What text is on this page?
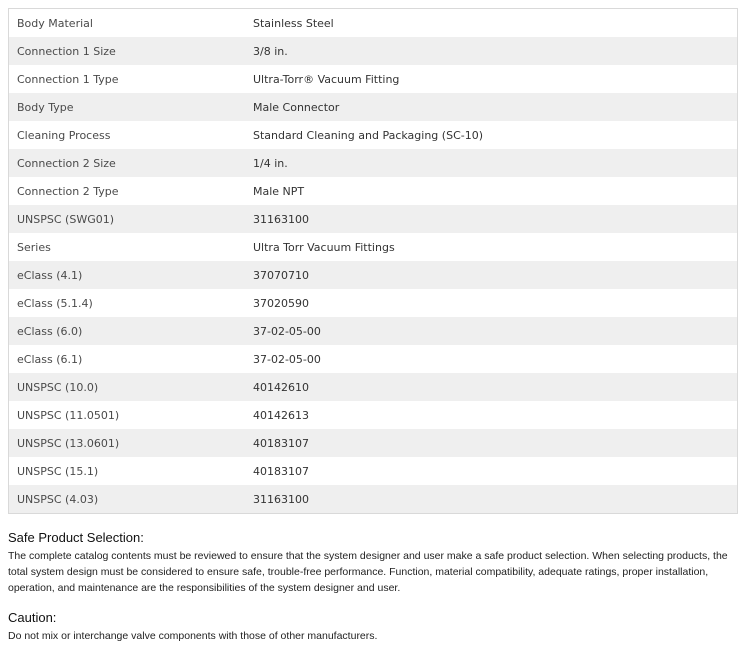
Body Material	Stainless Steel
Connection 1 Size	3/8 in.
Connection 1 Type	Ultra-Torr® Vacuum Fitting
Body Type	Male Connector
Cleaning Process	Standard Cleaning and Packaging (SC-10)
Connection 2 Size	1/4 in.
Connection 2 Type	Male NPT
UNSPSC (SWG01)	31163100
Series	Ultra Torr Vacuum Fittings
eClass (4.1)	37070710
eClass (5.1.4)	37020590
eClass (6.0)	37-02-05-00
eClass (6.1)	37-02-05-00
UNSPSC (10.0)	40142610
UNSPSC (11.0501)	40142613
UNSPSC (13.0601)	40183107
UNSPSC (15.1)	40183107
UNSPSC (4.03)	31163100
Safe Product Selection:

The complete catalog contents must be reviewed to ensure that the system designer and user make a safe product selection. When selecting products, the total system design must be considered to ensure safe, trouble-free performance. Function, material compatibility, adequate ratings, proper installation, operation, and maintenance are the responsibilities of the system designer and user.

Caution:

Do not mix or interchange valve components with those of other manufacturers.
